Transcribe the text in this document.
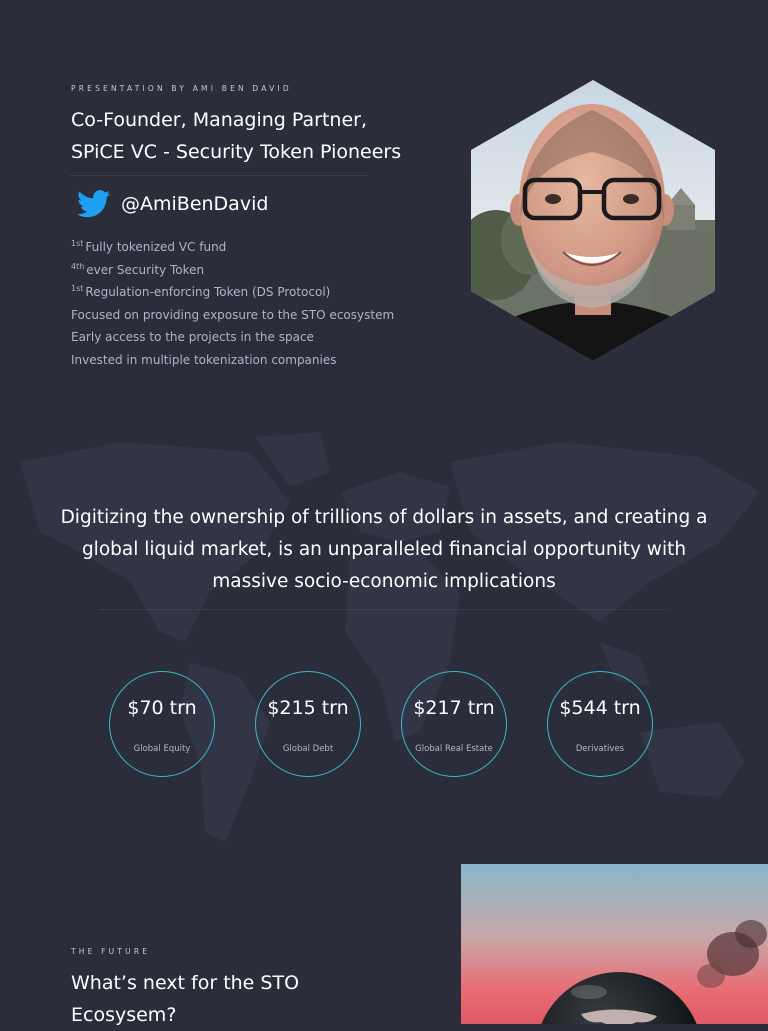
PRESENTATION BY AMI BEN DAVID
Co-Founder, Managing Partner,
SPiCE VC - Security Token Pioneers
@AmiBenDavid
$^{1st}$ Fully tokenized VC fund
$^{4th}$ ever Security Token
$^{1st}$ Regulation-enforcing Token (DS Protocol)
Focused on providing exposure to the STO ecosystem
Early access to the projects in the space
Invested in multiple tokenization companies
Digitizing the ownership of trillions of dollars in assets, and creating a
global liquid market, is an unparalleled financial opportunity with
massive socio-economic implications
$70 trn
Global Equity
$215 trn
Global Debt
$217 trn
Global Real Estate
$544 trn
Derivatives
THE FUTURE
What’s next for the STO
Ecosysem?
